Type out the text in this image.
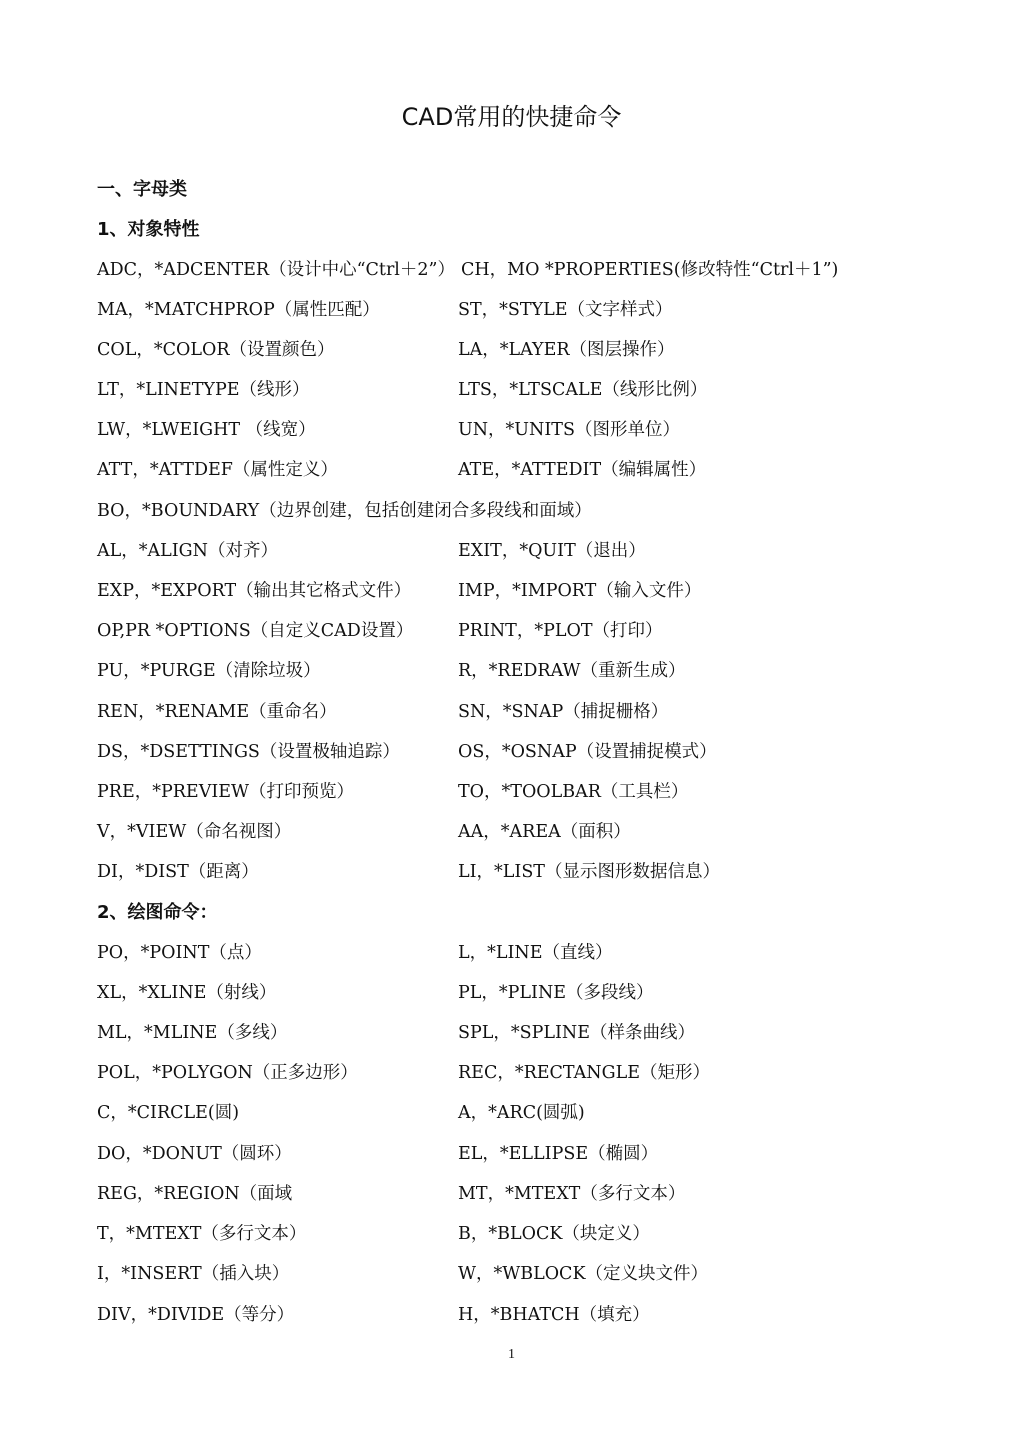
CAD常用的快捷命令
一、字母类
1、对象特性
ADC，*ADCENTER（设计中心“Ctrl＋2”） CH，MO *PROPERTIES(修改特性“Ctrl＋1”)
MA，*MATCHPROP（属性匹配）	ST，*STYLE（文字样式）
COL，*COLOR（设置颜色）	LA，*LAYER（图层操作）
LT，*LINETYPE（线形）	LTS，*LTSCALE（线形比例）
LW，*LWEIGHT （线宽）	UN，*UNITS（图形单位）
ATT，*ATTDEF（属性定义）	ATE，*ATTEDIT（编辑属性）
BO，*BOUNDARY（边界创建，包括创建闭合多段线和面域）
AL，*ALIGN（对齐）	EXIT，*QUIT（退出）
EXP，*EXPORT（输出其它格式文件）	IMP，*IMPORT（输入文件）
OP,PR *OPTIONS（自定义CAD设置）	PRINT，*PLOT（打印）
PU，*PURGE（清除垃圾）	R，*REDRAW（重新生成）
REN，*RENAME（重命名）	SN，*SNAP（捕捉栅格）
DS，*DSETTINGS（设置极轴追踪）	OS，*OSNAP（设置捕捉模式）
PRE，*PREVIEW（打印预览）	TO，*TOOLBAR（工具栏）
V，*VIEW（命名视图）	AA，*AREA（面积）
DI，*DIST（距离）	LI，*LIST（显示图形数据信息）
2、绘图命令：
PO，*POINT（点）	L，*LINE（直线）
XL，*XLINE（射线）	PL，*PLINE（多段线）
ML，*MLINE（多线）	SPL，*SPLINE（样条曲线）
POL，*POLYGON（正多边形）	REC，*RECTANGLE（矩形）
C，*CIRCLE(圆)	A，*ARC(圆弧)
DO，*DONUT（圆环）	EL，*ELLIPSE（椭圆）
REG，*REGION（面域	MT，*MTEXT（多行文本）
T，*MTEXT（多行文本）	B，*BLOCK（块定义）
I，*INSERT（插入块）	W，*WBLOCK（定义块文件）
DIV，*DIVIDE（等分）	H，*BHATCH（填充）
1
